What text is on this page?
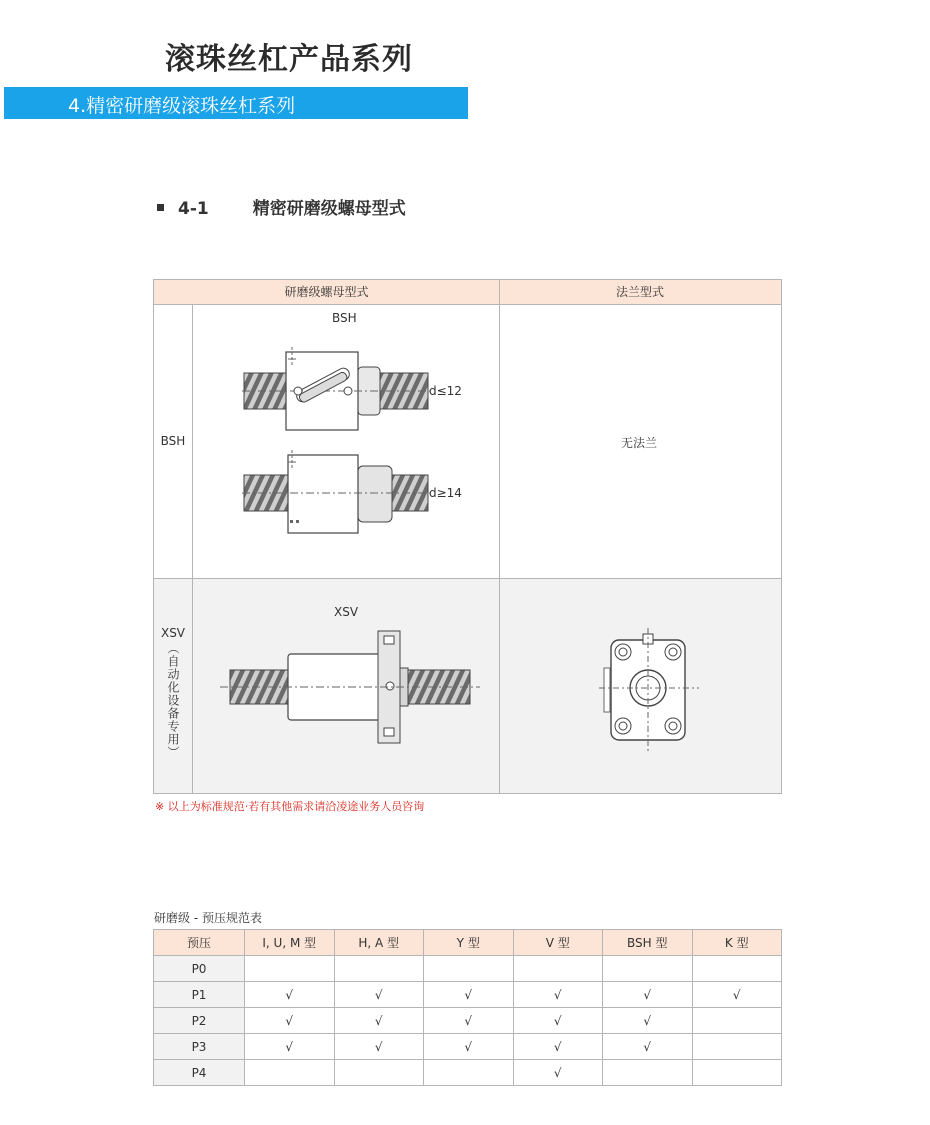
滚珠丝杠产品系列
4.精密研磨级滚珠丝杠系列
4-1	精密研磨级螺母型式
研磨级螺母型式	法兰型式
BSH
XSV
（自动化设备专用）
BSH
d≤12
d≥14
无法兰
XSV
※ 以上为标准规范·若有其他需求请洽凌途业务人员咨询
研磨级 - 预压规范表
预压	I, U, M 型	H, A 型	Y 型	V 型	BSH 型	K 型
P0						
P1	√	√	√	√	√	√
P2	√	√	√	√	√	
P3	√	√	√	√	√	
P4				√		
